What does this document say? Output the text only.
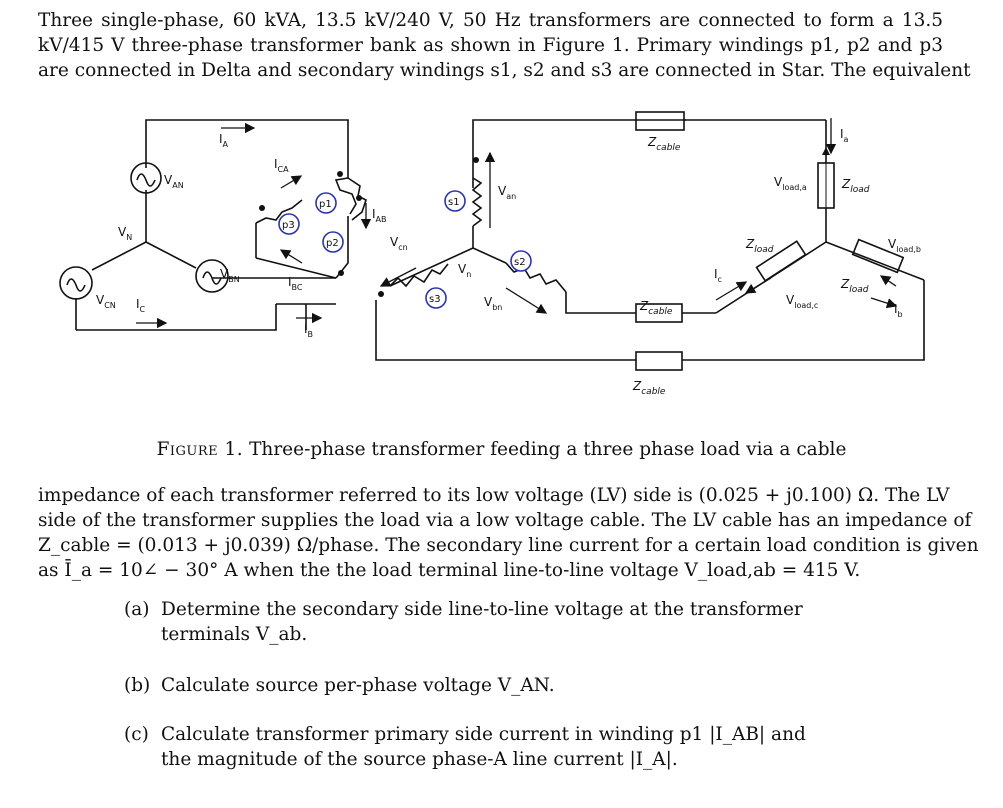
Three single-phase, 60 kVA, 13.5 kV/240 V, 50 Hz transformers are connected to form a 13.5
kV/415 V three-phase transformer bank as shown in Figure 1. Primary windings p1, p2 and p3
are connected in Delta and secondary windings s1, s2 and s3 are connected in Star. The equivalent
$I_A$
$V_{AN}$
$V_N$
$V_{BN}$
$V_{CN}$ $I_C$
$I_B$
$I_{CA}$
$I_{AB}$
$I_{BC}$
p1
p2
p3
s1
s2
s3
$V_{an}$
$V_{cn}$
$V_n$
$V_{bn}$
$Z_{cable}$
$Z_{cable}$
$Z_{cable}$
$Z_{load}$
$Z_{load}$
$Z_{load}$
$V_{load,a}$
$V_{load,b}$
$V_{load,c}$
$I_a$
$I_b$
$I_c$
Figure 1. Three-phase transformer feeding a three phase load via a cable
impedance of each transformer referred to its low voltage (LV) side is (0.025 + j0.100) Ω. The LV
side of the transformer supplies the load via a low voltage cable. The LV cable has an impedance of
Z_cable = (0.013 + j0.039) Ω/phase. The secondary line current for a certain load condition is given
as Ī_a = 10∠ − 30° A when the the load terminal line-to-line voltage V_load,ab = 415 V.
(a) Determine the secondary side line-to-line voltage at the transformer
terminals V_ab.
(b) Calculate source per-phase voltage V_AN.
(c) Calculate transformer primary side current in winding p1 |I_AB| and
the magnitude of the source phase-A line current |I_A|.
